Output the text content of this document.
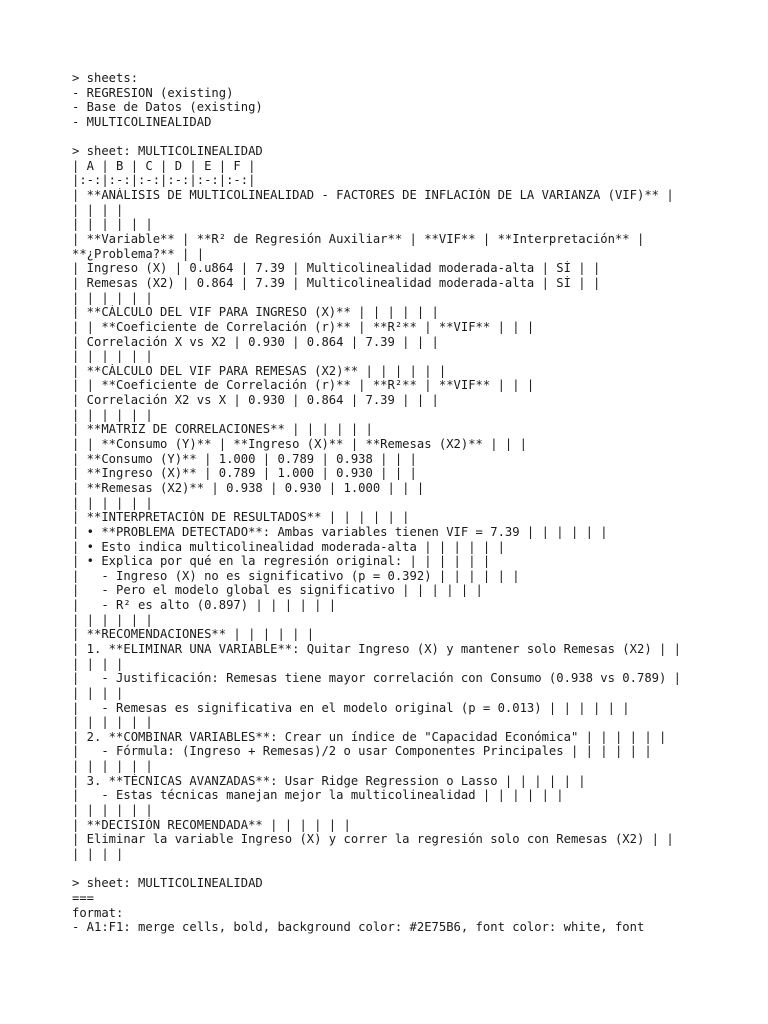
> sheets:
- REGRESION (existing)
- Base de Datos (existing)
- MULTICOLINEALIDAD
> sheet: MULTICOLINEALIDAD
| A | B | C | D | E | F |
|:-:|:-:|:-:|:-:|:-:|:-:|
| **ANÁLISIS DE MULTICOLINEALIDAD - FACTORES DE INFLACIÓN DE LA VARIANZA (VIF)** |
| | | |
| | | | | |
| **Variable** | **R² de Regresión Auxiliar** | **VIF** | **Interpretación** |
**¿Problema?** | |
| Ingreso (X) | 0.u864 | 7.39 | Multicolinealidad moderada-alta | SÍ | |
| Remesas (X2) | 0.864 | 7.39 | Multicolinealidad moderada-alta | SÍ | |
| | | | | |
| **CÁLCULO DEL VIF PARA INGRESO (X)** | | | | | |
| | **Coeficiente de Correlación (r)** | **R²** | **VIF** | | |
| Correlación X vs X2 | 0.930 | 0.864 | 7.39 | | |
| | | | | |
| **CÁLCULO DEL VIF PARA REMESAS (X2)** | | | | | |
| | **Coeficiente de Correlación (r)** | **R²** | **VIF** | | |
| Correlación X2 vs X | 0.930 | 0.864 | 7.39 | | |
| | | | | |
| **MATRIZ DE CORRELACIONES** | | | | | |
| | **Consumo (Y)** | **Ingreso (X)** | **Remesas (X2)** | | |
| **Consumo (Y)** | 1.000 | 0.789 | 0.938 | | |
| **Ingreso (X)** | 0.789 | 1.000 | 0.930 | | |
| **Remesas (X2)** | 0.938 | 0.930 | 1.000 | | |
| | | | | |
| **INTERPRETACIÓN DE RESULTADOS** | | | | | |
| • **PROBLEMA DETECTADO**: Ambas variables tienen VIF = 7.39 | | | | | |
| • Esto indica multicolinealidad moderada-alta | | | | | |
| • Explica por qué en la regresión original: | | | | | |
|   - Ingreso (X) no es significativo (p = 0.392) | | | | | |
|   - Pero el modelo global es significativo | | | | | |
|   - R² es alto (0.897) | | | | | |
| | | | | |
| **RECOMENDACIONES** | | | | | |
| 1. **ELIMINAR UNA VARIABLE**: Quitar Ingreso (X) y mantener solo Remesas (X2) | |
| | | |
|   - Justificación: Remesas tiene mayor correlación con Consumo (0.938 vs 0.789) |
| | | |
|   - Remesas es significativa en el modelo original (p = 0.013) | | | | | |
| | | | | |
| 2. **COMBINAR VARIABLES**: Crear un índice de "Capacidad Económica" | | | | | |
|   - Fórmula: (Ingreso + Remesas)/2 o usar Componentes Principales | | | | | |
| | | | | |
| 3. **TÉCNICAS AVANZADAS**: Usar Ridge Regression o Lasso | | | | | |
|   - Estas técnicas manejan mejor la multicolinealidad | | | | | |
| | | | | |
| **DECISIÓN RECOMENDADA** | | | | | |
| Eliminar la variable Ingreso (X) y correr la regresión solo con Remesas (X2) | |
| | | |
> sheet: MULTICOLINEALIDAD
===
format:
- A1:F1: merge cells, bold, background color: #2E75B6, font color: white, font
